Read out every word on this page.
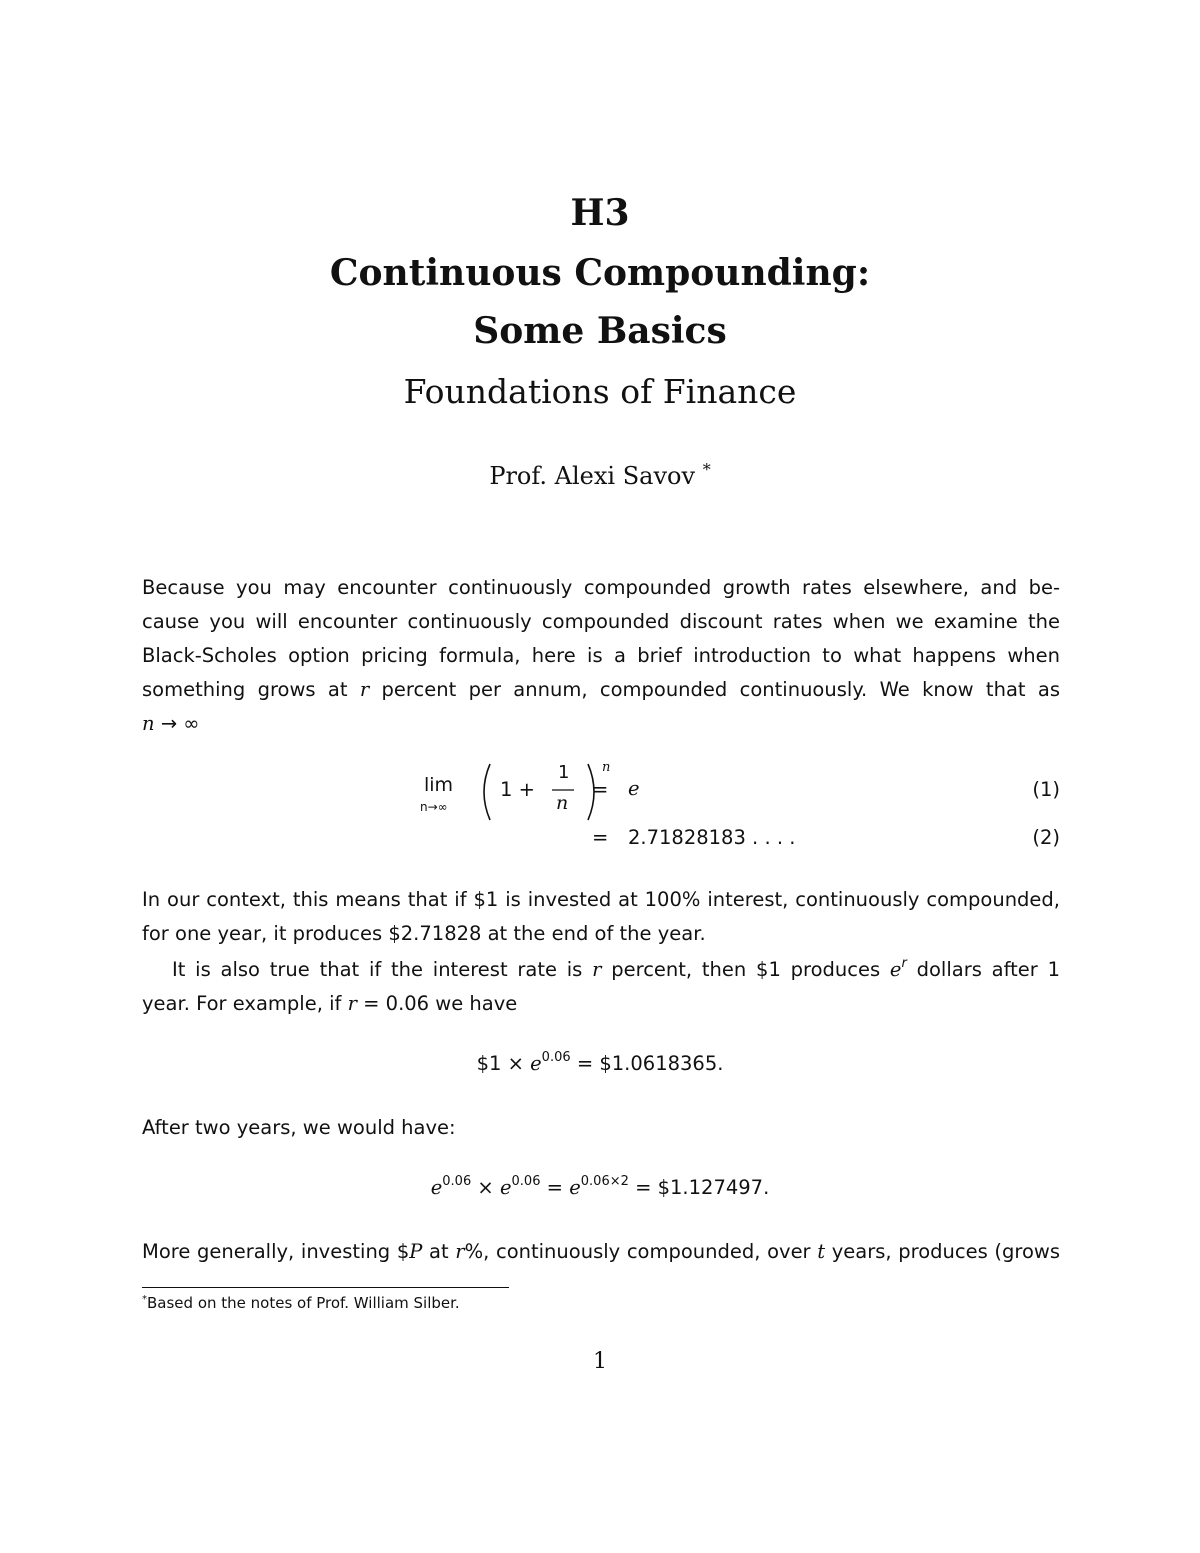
H3
Continuous Compounding:
Some Basics
Foundations of Finance
Prof. Alexi Savov *
Because you may encounter continuously compounded growth rates elsewhere, and be-
cause you will encounter continuously compounded discount rates when we examine the
Black-Scholes option pricing formula, here is a brief introduction to what happens when
something grows at r percent per annum, compounded continuously. We know that as
n → ∞
lim
n→∞
1 +
1
n
n
= e	(1)
= 2.71828183 . . . .	(2)
In our context, this means that if $1 is invested at 100% interest, continuously compounded,
for one year, it produces $2.71828 at the end of the year.
It is also true that if the interest rate is r percent, then $1 produces $e^r$ dollars after 1
year. For example, if r = 0.06 we have
$1 × $e^{0.06}$ = $1.0618365.
After two years, we would have:
$e^{0.06} \times e^{0.06} = e^{0.06\times 2}$ = $1.127497.
More generally, investing $P at r%, continuously compounded, over t years, produces (grows
*Based on the notes of Prof. William Silber.
1
